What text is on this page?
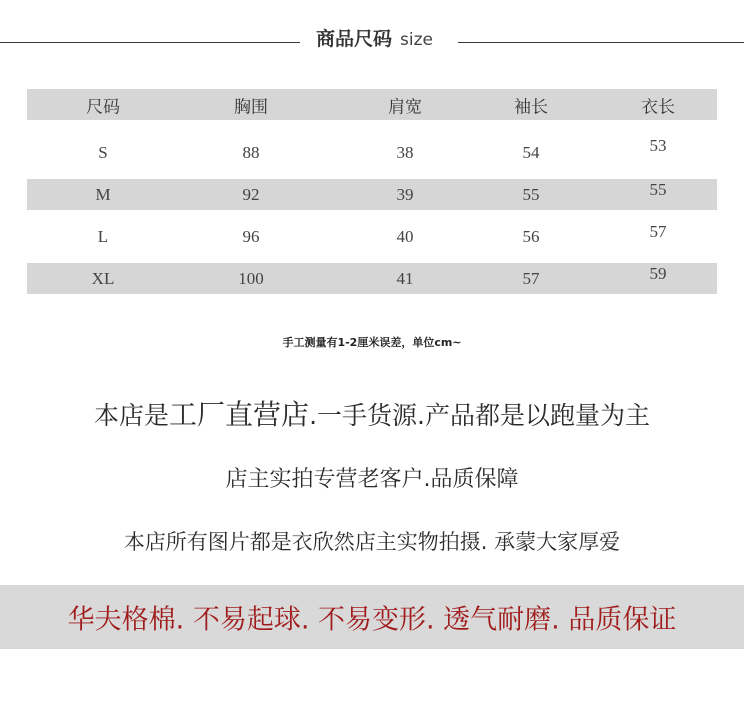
商品尺码 size
尺码	胸围	肩宽	袖长	衣长
S	88	38	54	53
M	92	39	55	55
L	96	40	56	57
XL	100	41	57	59
手工测量有1-2厘米误差，单位cm~
本店是工厂直营店.一手货源.产品都是以跑量为主
店主实拍专营老客户.品质保障
本店所有图片都是衣欣然店主实物拍摄. 承蒙大家厚爱
华夫格棉. 不易起球. 不易变形. 透气耐磨. 品质保证
